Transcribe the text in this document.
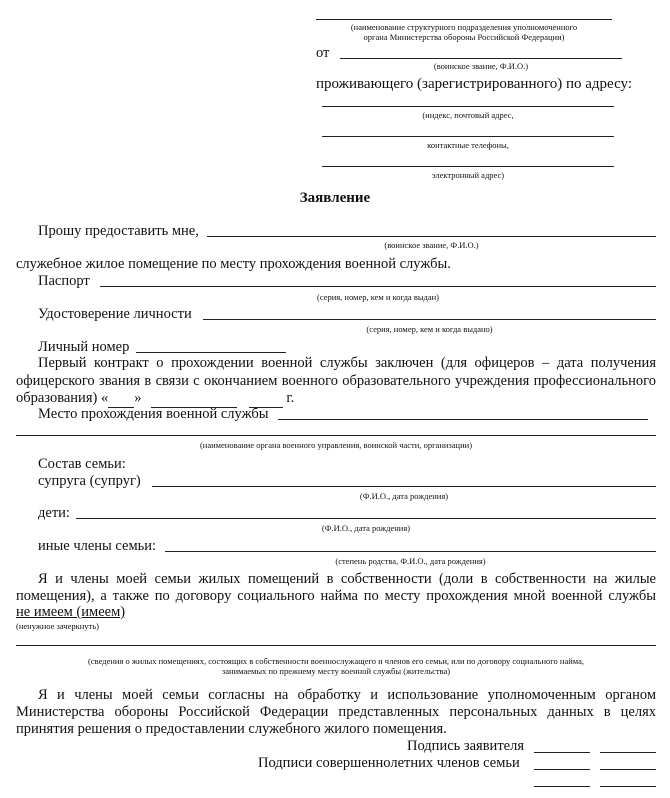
(наименование структурного подразделения уполномоченного
органа Министерства обороны Российской Федерации)
от
(воинское звание, Ф.И.О.)
проживающего (зарегистрированного) по адресу:
(индекс, почтовый адрес,
контактные телефоны,
электронный адрес)
Заявление
Прошу предоставить мне,
(воинское звание, Ф.И.О.)
служебное жилое помещение по месту прохождения военной службы.
Паспорт
(серия, номер, кем и когда выдан)
Удостоверение личности
(серия, номер, кем и когда выдано)
Личный номер
Первый контракт о прохождении военной службы заключен (для офицеров – дата получения
офицерского звания в связи с окончанием военного образовательного учреждения профессионального
образования) « »	г.
Место прохождения военной службы
(наименование органа военного управления, воинской части, организации)
Состав семьи:
супруга (супруг)
(Ф.И.О., дата рождения)
дети:
(Ф.И.О., дата рождения)
иные члены семьи:
(степень родства, Ф.И.О., дата рождения)
Я и члены моей семьи жилых помещений в собственности (доли в собственности на жилые
помещения), а также по договору социального найма по месту прохождения мной военной службы
не имеем (имеем)
(ненужное зачеркнуть)
(сведения о жилых помещениях, состоящих в собственности военнослужащего и членов его семьи, или по договору социального найма,
занимаемых по прежнему месту военной службы (жительства)
Я и члены моей семьи согласны на обработку и использование уполномоченным органом
Министерства обороны Российской Федерации представленных персональных данных в целях
принятия решения о предоставлении служебного жилого помещения.
Подпись заявителя
Подписи совершеннолетних членов семьи
